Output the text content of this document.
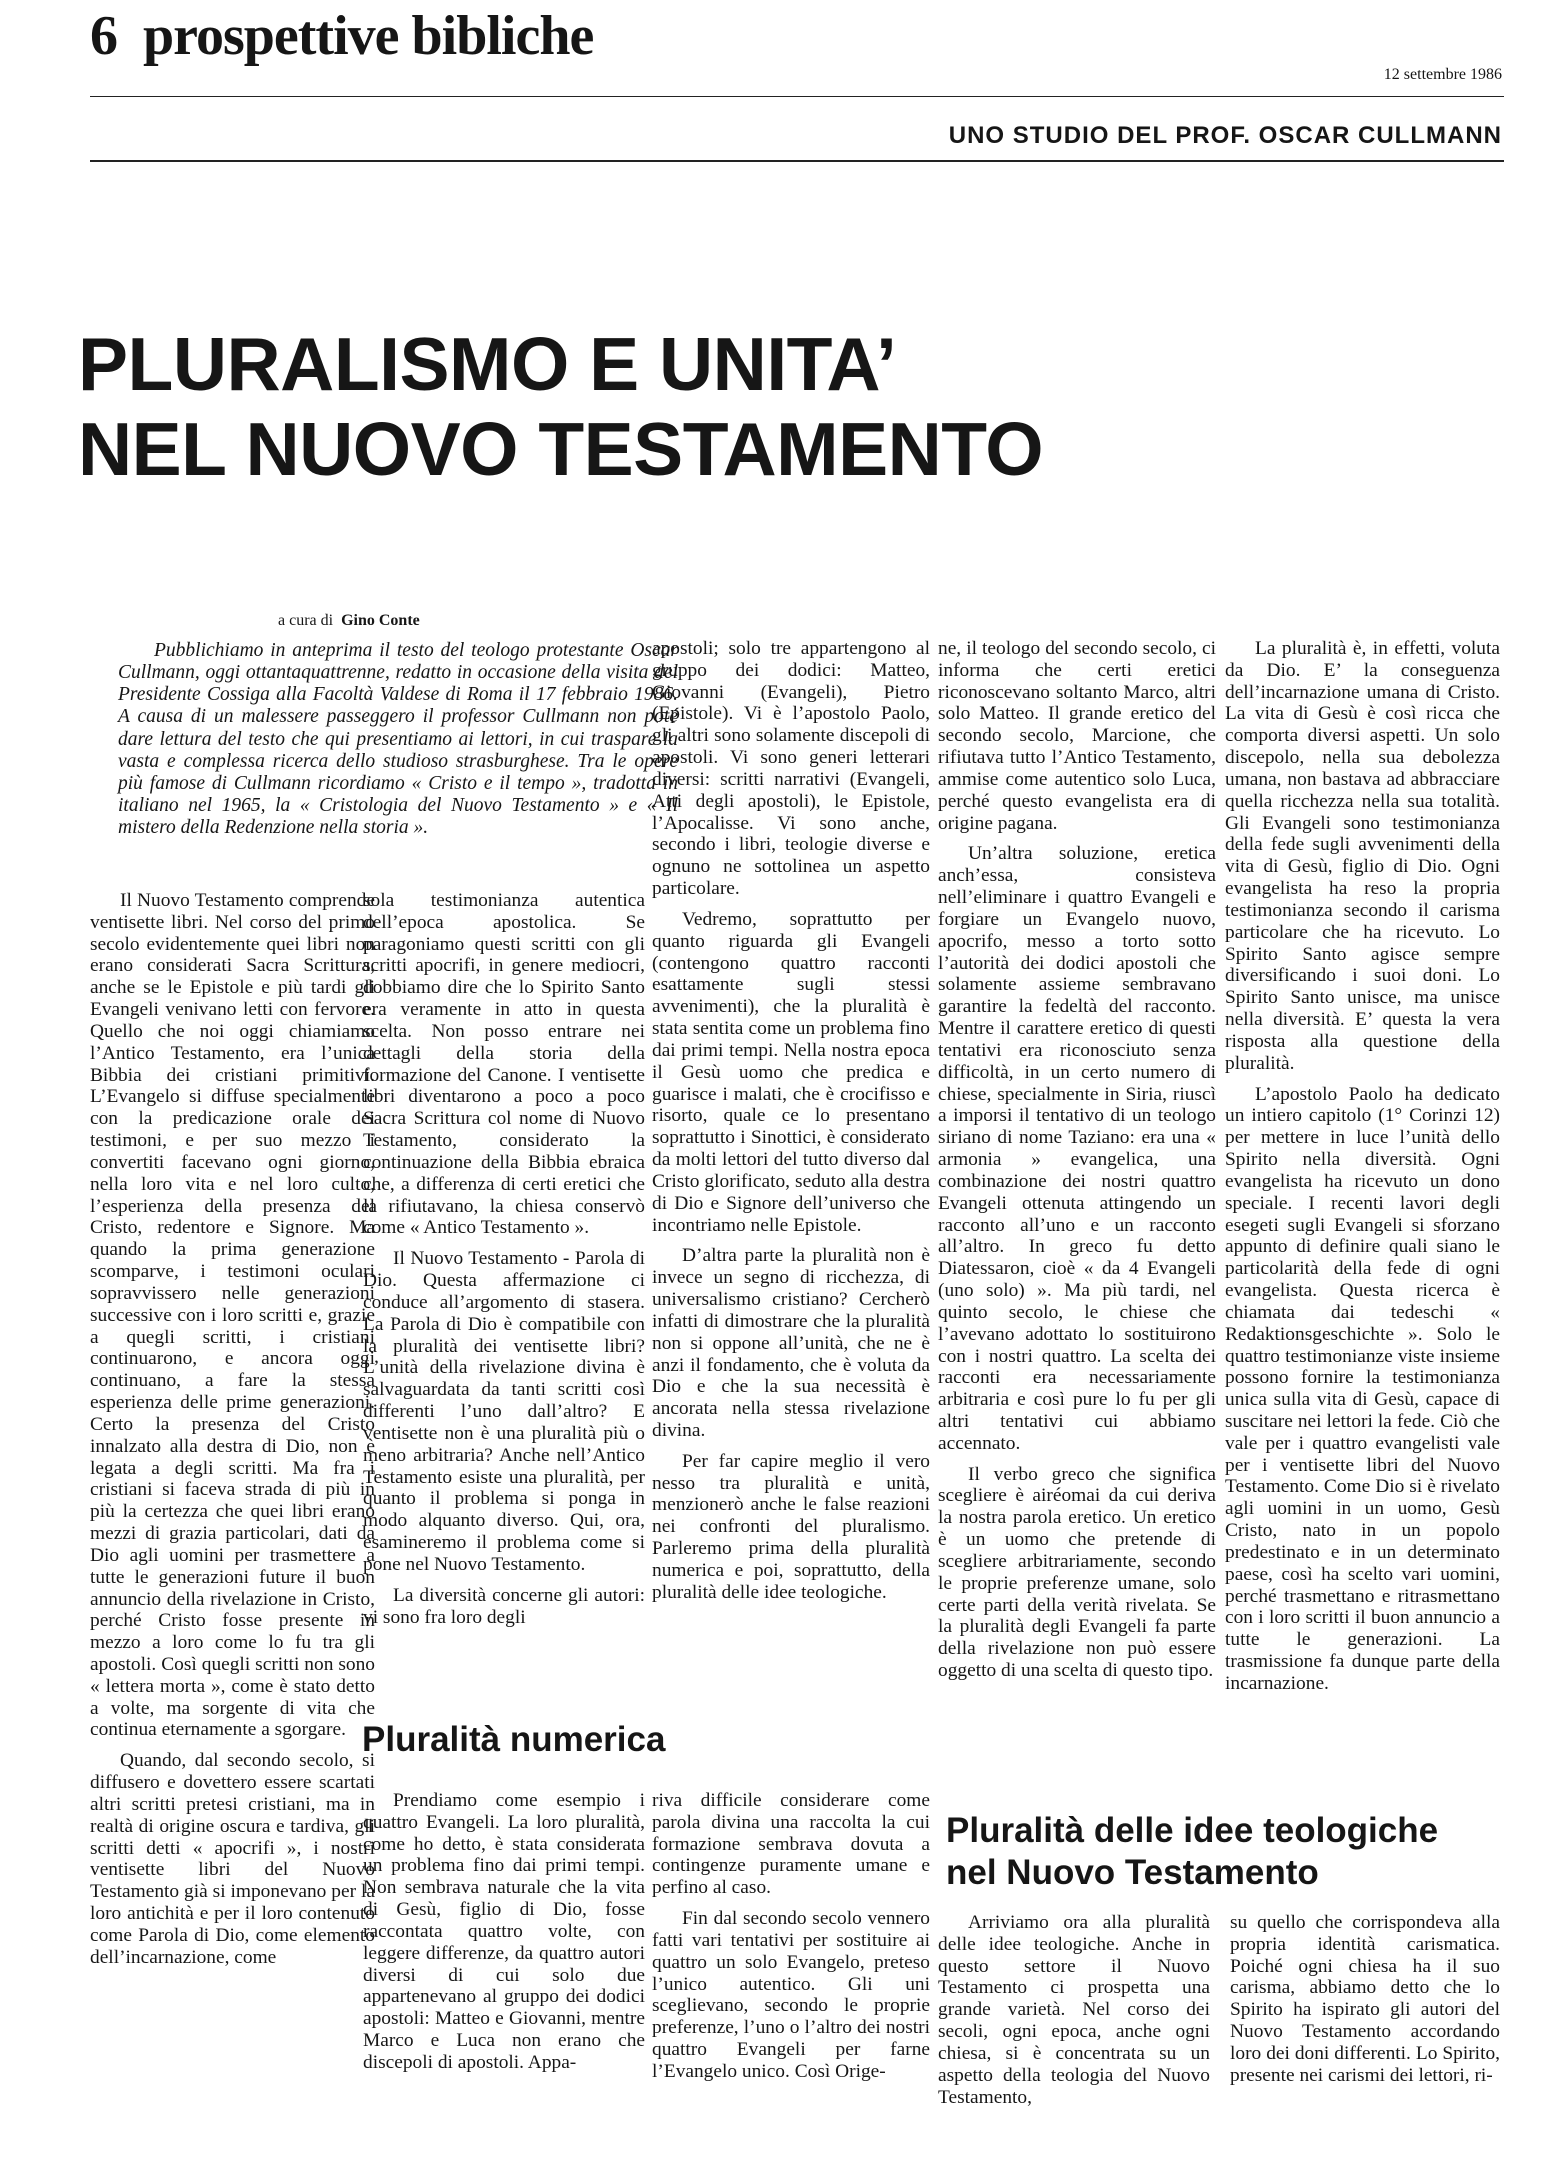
6 prospettive bibliche
12 settembre 1986
UNO STUDIO DEL PROF. OSCAR CULLMANN
PLURALISMO E UNITA’
NEL NUOVO TESTAMENTO
a cura di Gino Conte
Pubblichiamo in anteprima il testo del teologo protestante Oscar Cullmann, oggi ottantaquattrenne, redatto in occasione della visita del Presidente Cossiga alla Facoltà Valdese di Roma il 17 febbraio 1986. A causa di un malessere passeggero il professor Cullmann non poté dare lettura del testo che qui presentiamo ai lettori, in cui traspare la vasta e complessa ricerca dello studioso strasburghese. Tra le opere più famose di Cullmann ricordiamo « Cristo e il tempo », tradotta in italiano nel 1965, la « Cristologia del Nuovo Testamento » e « Il mistero della Redenzione nella storia ».

Il Nuovo Testamento comprende ventisette libri. Nel corso del primo secolo evidentemente quei libri non erano considerati Sacra Scrittura, anche se le Epistole e più tardi gli Evangeli venivano letti con fervore. Quello che noi oggi chiamiamo l’Antico Testamento, era l’unica Bibbia dei cristiani primitivi. L’Evangelo si diffuse specialmente con la predicazione orale dei testimoni, e per suo mezzo i convertiti facevano ogni giorno, nella loro vita e nel loro culto, l’esperienza della presenza del Cristo, redentore e Signore. Ma quando la prima generazione scomparve, i testimoni oculari sopravvissero nelle generazioni successive con i loro scritti e, grazie a quegli scritti, i cristiani continuarono, e ancora oggi continuano, a fare la stessa esperienza delle prime generazioni. Certo la presenza del Cristo innalzato alla destra di Dio, non è legata a degli scritti. Ma fra i cristiani si faceva strada di più in più la certezza che quei libri erano mezzi di grazia particolari, dati da Dio agli uomini per trasmettere a tutte le generazioni future il buon annuncio della rivelazione in Cristo, perché Cristo fosse presente in mezzo a loro come lo fu tra gli apostoli. Così quegli scritti non sono « lettera morta », come è stato detto a volte, ma sorgente di vita che continua eternamente a sgorgare.

Quando, dal secondo secolo, si diffusero e dovettero essere scartati altri scritti pretesi cristiani, ma in realtà di origine oscura e tardiva, gli scritti detti « apocrifi », i nostri ventisette libri del Nuovo Testamento già si imponevano per la loro antichità e per il loro contenuto come Parola di Dio, come elemento dell’incarnazione, come

sola testimonianza autentica dell’epoca apostolica. Se paragoniamo questi scritti con gli scritti apocrifi, in genere mediocri, dobbiamo dire che lo Spirito Santo era veramente in atto in questa scelta. Non posso entrare nei dettagli della storia della formazione del Canone. I ventisette libri diventarono a poco a poco Sacra Scrittura col nome di Nuovo Testamento, considerato la continuazione della Bibbia ebraica che, a differenza di certi eretici che la rifiutavano, la chiesa conservò come « Antico Testamento ».

Il Nuovo Testamento - Parola di Dio. Questa affermazione ci conduce all’argomento di stasera. La Parola di Dio è compatibile con la pluralità dei ventisette libri? L’unità della rivelazione divina è salvaguardata da tanti scritti così differenti l’uno dall’altro? E ventisette non è una pluralità più o meno arbitraria? Anche nell’Antico Testamento esiste una pluralità, per quanto il problema si ponga in modo alquanto diverso. Qui, ora, esamineremo il problema come si pone nel Nuovo Testamento.

La diversità concerne gli autori: vi sono fra loro degli

apostoli; solo tre appartengono al gruppo dei dodici: Matteo, Giovanni (Evangeli), Pietro (Epistole). Vi è l’apostolo Paolo, gli altri sono solamente discepoli di apostoli. Vi sono generi letterari diversi: scritti narrativi (Evangeli, Atti degli apostoli), le Epistole, l’Apocalisse. Vi sono anche, secondo i libri, teologie diverse e ognuno ne sottolinea un aspetto particolare.

Vedremo, soprattutto per quanto riguarda gli Evangeli (contengono quattro racconti esattamente sugli stessi avvenimenti), che la pluralità è stata sentita come un problema fino dai primi tempi. Nella nostra epoca il Gesù uomo che predica e guarisce i malati, che è crocifisso e risorto, quale ce lo presentano soprattutto i Sinottici, è considerato da molti lettori del tutto diverso dal Cristo glorificato, seduto alla destra di Dio e Signore dell’universo che incontriamo nelle Epistole.

D’altra parte la pluralità non è invece un segno di ricchezza, di universalismo cristiano? Cercherò infatti di dimostrare che la pluralità non si oppone all’unità, che ne è anzi il fondamento, che è voluta da Dio e che la sua necessità è ancorata nella stessa rivelazione divina.

Per far capire meglio il vero nesso tra pluralità e unità, menzionerò anche le false reazioni nei confronti del pluralismo. Parleremo prima della pluralità numerica e poi, soprattutto, della pluralità delle idee teologiche.

ne, il teologo del secondo secolo, ci informa che certi eretici riconoscevano soltanto Marco, altri solo Matteo. Il grande eretico del secondo secolo, Marcione, che rifiutava tutto l’Antico Testamento, ammise come autentico solo Luca, perché questo evangelista era di origine pagana.

Un’altra soluzione, eretica anch’essa, consisteva nell’eliminare i quattro Evangeli e forgiare un Evangelo nuovo, apocrifo, messo a torto sotto l’autorità dei dodici apostoli che solamente assieme sembravano garantire la fedeltà del racconto. Mentre il carattere eretico di questi tentativi era riconosciuto senza difficoltà, in un certo numero di chiese, specialmente in Siria, riuscì a imporsi il tentativo di un teologo siriano di nome Taziano: era una « armonia » evangelica, una combinazione dei nostri quattro Evangeli ottenuta attingendo un racconto all’uno e un racconto all’altro. In greco fu detto Diatessaron, cioè « da 4 Evangeli (uno solo) ». Ma più tardi, nel quinto secolo, le chiese che l’avevano adottato lo sostituirono con i nostri quattro. La scelta dei racconti era necessariamente arbitraria e così pure lo fu per gli altri tentativi cui abbiamo accennato.

Il verbo greco che significa scegliere è airéomai da cui deriva la nostra parola eretico. Un eretico è un uomo che pretende di scegliere arbitrariamente, secondo le proprie preferenze umane, solo certe parti della verità rivelata. Se la pluralità degli Evangeli fa parte della rivelazione non può essere oggetto di una scelta di questo tipo.

La pluralità è, in effetti, voluta da Dio. E’ la conseguenza dell’incarnazione umana di Cristo. La vita di Gesù è così ricca che comporta diversi aspetti. Un solo discepolo, nella sua debolezza umana, non bastava ad abbracciare quella ricchezza nella sua totalità. Gli Evangeli sono testimonianza della fede sugli avvenimenti della vita di Gesù, figlio di Dio. Ogni evangelista ha reso la propria testimonianza secondo il carisma particolare che ha ricevuto. Lo Spirito Santo agisce sempre diversificando i suoi doni. Lo Spirito Santo unisce, ma unisce nella diversità. E’ questa la vera risposta alla questione della pluralità.

L’apostolo Paolo ha dedicato un intiero capitolo (1° Corinzi 12) per mettere in luce l’unità dello Spirito nella diversità. Ogni evangelista ha ricevuto un dono speciale. I recenti lavori degli esegeti sugli Evangeli si sforzano appunto di definire quali siano le particolarità della fede di ogni evangelista. Questa ricerca è chiamata dai tedeschi « Redaktionsgeschichte ». Solo le quattro testimonianze viste insieme possono fornire la testimonianza unica sulla vita di Gesù, capace di suscitare nei lettori la fede. Ciò che vale per i quattro evangelisti vale per i ventisette libri del Nuovo Testamento. Come Dio si è rivelato agli uomini in un uomo, Gesù Cristo, nato in un popolo predestinato e in un determinato paese, così ha scelto vari uomini, perché trasmettano e ritrasmettano con i loro scritti il buon annuncio a tutte le generazioni. La trasmissione fa dunque parte della incarnazione.

Pluralità numerica

Prendiamo come esempio i quattro Evangeli. La loro pluralità, come ho detto, è stata considerata un problema fino dai primi tempi. Non sembrava naturale che la vita di Gesù, figlio di Dio, fosse raccontata quattro volte, con leggere differenze, da quattro autori diversi di cui solo due appartenevano al gruppo dei dodici apostoli: Matteo e Giovanni, mentre Marco e Luca non erano che discepoli di apostoli. Appa-

riva difficile considerare come parola divina una raccolta la cui formazione sembrava dovuta a contingenze puramente umane e perfino al caso.

Fin dal secondo secolo vennero fatti vari tentativi per sostituire ai quattro un solo Evangelo, preteso l’unico autentico. Gli uni sceglievano, secondo le proprie preferenze, l’uno o l’altro dei nostri quattro Evangeli per farne l’Evangelo unico. Così Orige-

Pluralità delle idee teologiche
nel Nuovo Testamento

Arriviamo ora alla pluralità delle idee teologiche. Anche in questo settore il Nuovo Testamento ci prospetta una grande varietà. Nel corso dei secoli, ogni epoca, anche ogni chiesa, si è concentrata su un aspetto della teologia del Nuovo Testamento,

su quello che corrispondeva alla propria identità carismatica. Poiché ogni chiesa ha il suo carisma, abbiamo detto che lo Spirito ha ispirato gli autori del Nuovo Testamento accordando loro dei doni differenti. Lo Spirito, presente nei carismi dei lettori, ri-
